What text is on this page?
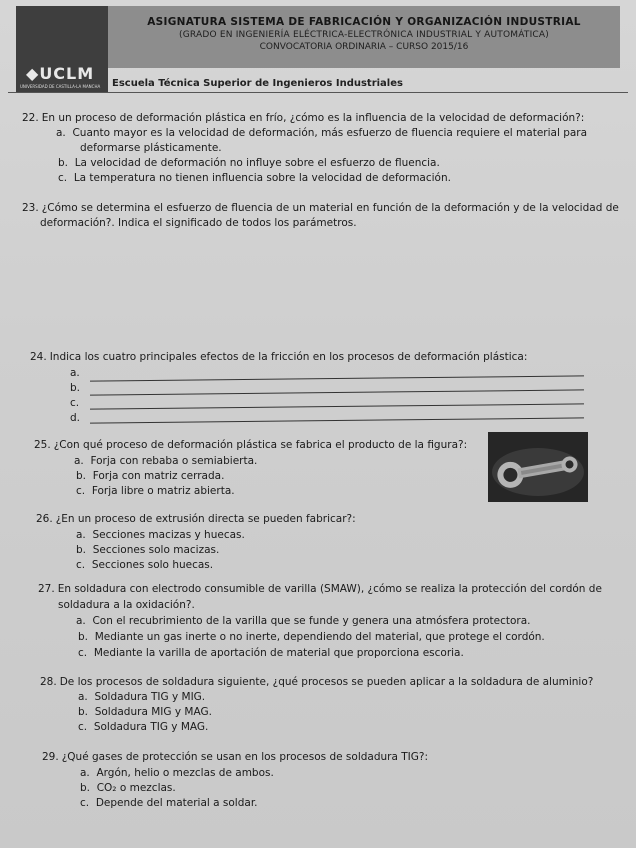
◆UCLM
UNIVERSIDAD DE CASTILLA-LA MANCHA
ASIGNATURA SISTEMA DE FABRICACIÓN Y ORGANIZACIÓN INDUSTRIAL
(GRADO EN INGENIERÍA ELÉCTRICA-ELECTRÓNICA INDUSTRIAL Y AUTOMÁTICA)
CONVOCATORIA ORDINARIA – CURSO 2015/16
Escuela Técnica Superior de Ingenieros Industriales
22. En un proceso de deformación plástica en frío, ¿cómo es la influencia de la velocidad de deformación?:
a. Cuanto mayor es la velocidad de deformación, más esfuerzo de fluencia requiere el material para
deformarse plásticamente.
b. La velocidad de deformación no influye sobre el esfuerzo de fluencia.
c. La temperatura no tienen influencia sobre la velocidad de deformación.
23. ¿Cómo se determina el esfuerzo de fluencia de un material en función de la deformación y de la velocidad de
deformación?. Indica el significado de todos los parámetros.
24. Indica los cuatro principales efectos de la fricción en los procesos de deformación plástica:
a.
b.
c.
d.
25. ¿Con qué proceso de deformación plástica se fabrica el producto de la figura?:
a. Forja con rebaba o semiabierta.
b. Forja con matriz cerrada.
c. Forja libre o matriz abierta.
26. ¿En un proceso de extrusión directa se pueden fabricar?:
a. Secciones macizas y huecas.
b. Secciones solo macizas.
c. Secciones solo huecas.
27. En soldadura con electrodo consumible de varilla (SMAW), ¿cómo se realiza la protección del cordón de
soldadura a la oxidación?.
a. Con el recubrimiento de la varilla que se funde y genera una atmósfera protectora.
b. Mediante un gas inerte o no inerte, dependiendo del material, que protege el cordón.
c. Mediante la varilla de aportación de material que proporciona escoria.
28. De los procesos de soldadura siguiente, ¿qué procesos se pueden aplicar a la soldadura de aluminio?
a. Soldadura TIG y MIG.
b. Soldadura MIG y MAG.
c. Soldadura TIG y MAG.
29. ¿Qué gases de protección se usan en los procesos de soldadura TIG?:
a. Argón, helio o mezclas de ambos.
b. CO₂ o mezclas.
c. Depende del material a soldar.
